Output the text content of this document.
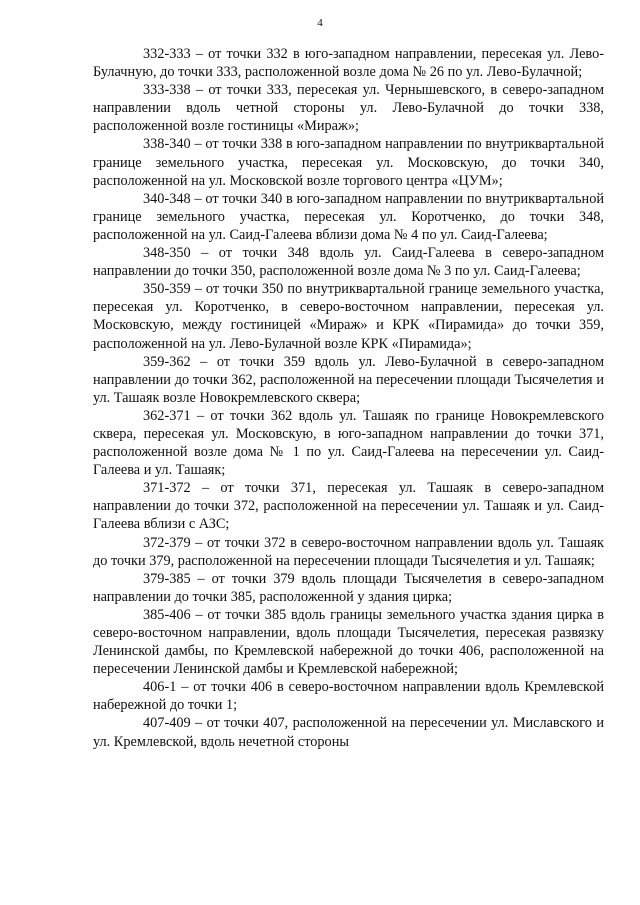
4

332-333 – от точки 332 в юго-западном направлении, пересекая ул. Лево-Булачную, до точки 333, расположенной возле дома № 26 по ул. Лево-Булачной;

333-338 – от точки 333, пересекая ул. Чернышевского, в северо-западном направлении вдоль четной стороны ул. Лево-Булачной до точки 338, расположенной возле гостиницы «Мираж»;

338-340 – от точки 338 в юго-западном направлении по внутриквартальной границе земельного участка, пересекая ул. Московскую, до точки 340, расположенной на ул. Московской возле торгового центра «ЦУМ»;

340-348 – от точки 340 в юго-западном направлении по внутриквартальной границе земельного участка, пересекая ул. Коротченко, до точки 348, расположенной на ул. Саид-Галеева вблизи дома № 4 по ул. Саид-Галеева;

348-350 – от точки 348 вдоль ул. Саид-Галеева в северо-западном направлении до точки 350, расположенной возле дома № 3 по ул. Саид-Галеева;

350-359 – от точки 350 по внутриквартальной границе земельного участка, пересекая ул. Коротченко, в северо-восточном направлении, пересекая ул. Московскую, между гостиницей «Мираж» и КРК «Пирамида» до точки 359, расположенной на ул. Лево-Булачной возле КРК «Пирамида»;

359-362 – от точки 359 вдоль ул. Лево-Булачной в северо-западном направлении до точки 362, расположенной на пересечении площади Тысячелетия и ул. Ташаяк возле Новокремлевского сквера;

362-371 – от точки 362 вдоль ул. Ташаяк по границе Новокремлевского сквера, пересекая ул. Московскую, в юго-западном направлении до точки 371, расположенной возле дома № 1 по ул. Саид-Галеева на пересечении ул. Саид-Галеева и ул. Ташаяк;

371-372 – от точки 371, пересекая ул. Ташаяк в северо-западном направлении до точки 372, расположенной на пересечении ул. Ташаяк и ул. Саид-Галеева вблизи с АЗС;

372-379 – от точки 372 в северо-восточном направлении вдоль ул. Ташаяк до точки 379, расположенной на пересечении площади Тысячелетия и ул. Ташаяк;

379-385 – от точки 379 вдоль площади Тысячелетия в северо-западном направлении до точки 385, расположенной у здания цирка;

385-406 – от точки 385 вдоль границы земельного участка здания цирка в северо-восточном направлении, вдоль площади Тысячелетия, пересекая развязку Ленинской дамбы, по Кремлевской набережной до точки 406, расположенной на пересечении Ленинской дамбы и Кремлевской набережной;

406-1 – от точки 406 в северо-восточном направлении вдоль Кремлевской набережной до точки 1;

407-409 – от точки 407, расположенной на пересечении ул. Миславского и ул. Кремлевской, вдоль нечетной стороны
